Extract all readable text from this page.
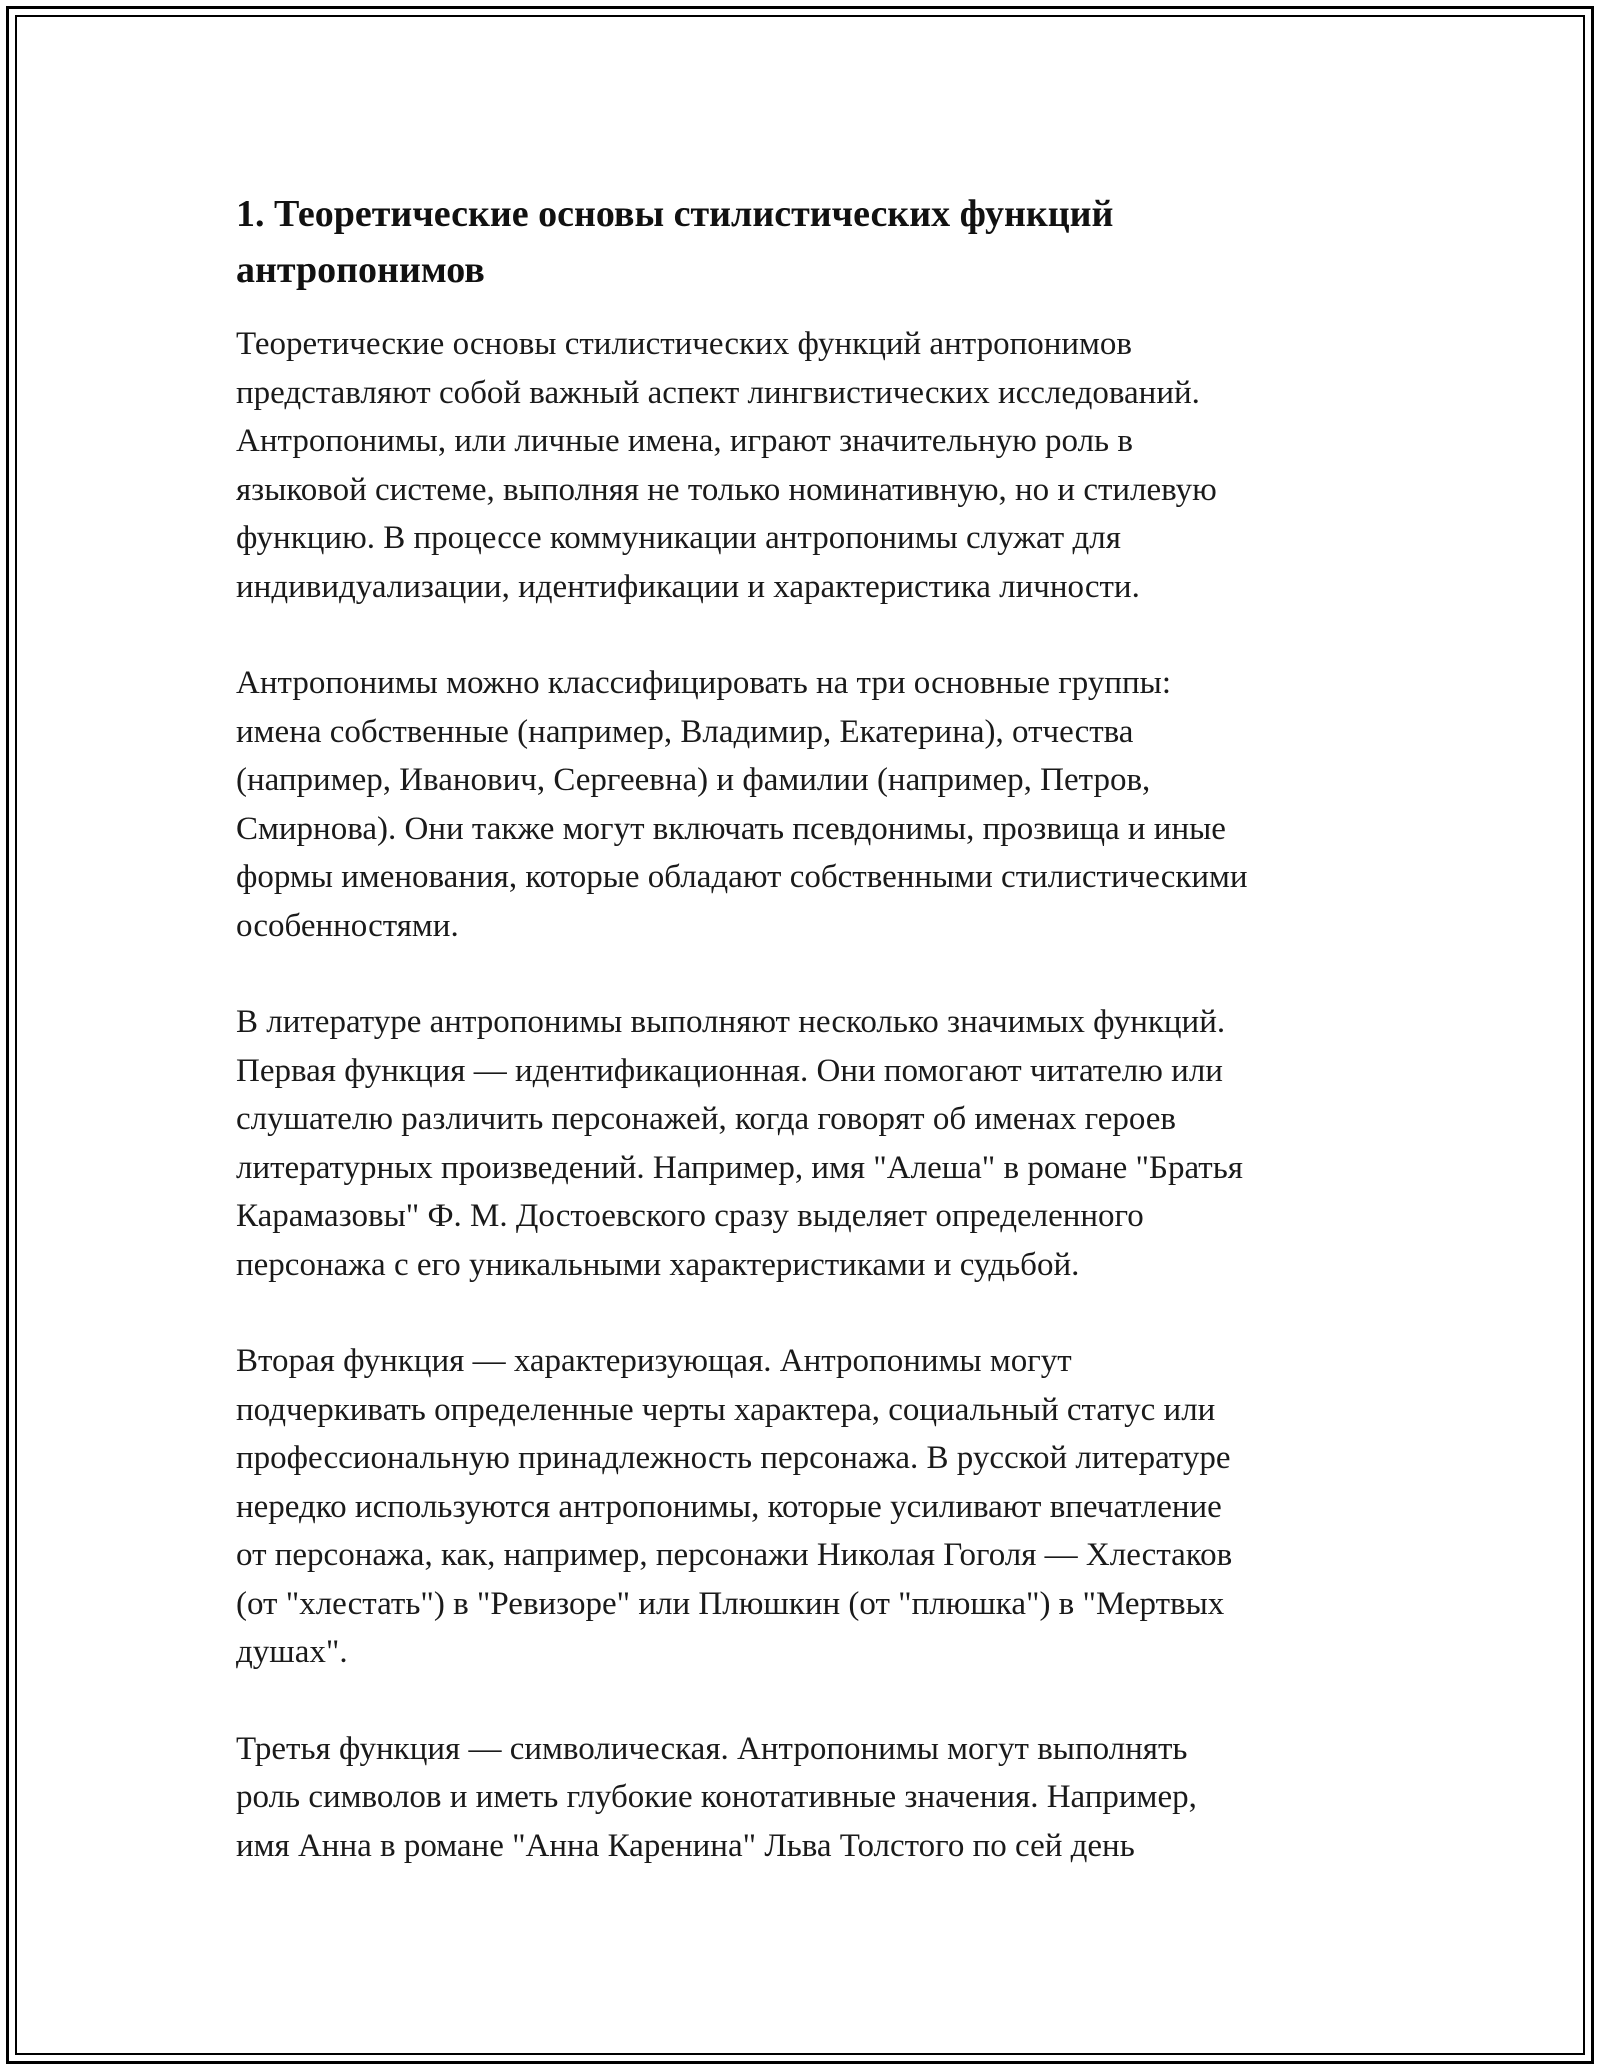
1. Теоретические основы стилистических функций
антропонимов

Теоретические основы стилистических функций антропонимов
представляют собой важный аспект лингвистических исследований.
Антропонимы, или личные имена, играют значительную роль в
языковой системе, выполняя не только номинативную, но и стилевую
функцию. В процессе коммуникации антропонимы служат для
индивидуализации, идентификации и характеристика личности.

Антропонимы можно классифицировать на три основные группы:
имена собственные (например, Владимир, Екатерина), отчества
(например, Иванович, Сергеевна) и фамилии (например, Петров,
Смирнова). Они также могут включать псевдонимы, прозвища и иные
формы именования, которые обладают собственными стилистическими
особенностями.

В литературе антропонимы выполняют несколько значимых функций.
Первая функция — идентификационная. Они помогают читателю или
слушателю различить персонажей, когда говорят об именах героев
литературных произведений. Например, имя "Алеша" в романе "Братья
Карамазовы" Ф. М. Достоевского сразу выделяет определенного
персонажа с его уникальными характеристиками и судьбой.

Вторая функция — характеризующая. Антропонимы могут
подчеркивать определенные черты характера, социальный статус или
профессиональную принадлежность персонажа. В русской литературе
нередко используются антропонимы, которые усиливают впечатление
от персонажа, как, например, персонажи Николая Гоголя — Хлестаков
(от "хлестать") в "Ревизоре" или Плюшкин (от "плюшка") в "Мертвых
душах".

Третья функция — символическая. Антропонимы могут выполнять
роль символов и иметь глубокие конотативные значения. Например,
имя Анна в романе "Анна Каренина" Льва Толстого по сей день
